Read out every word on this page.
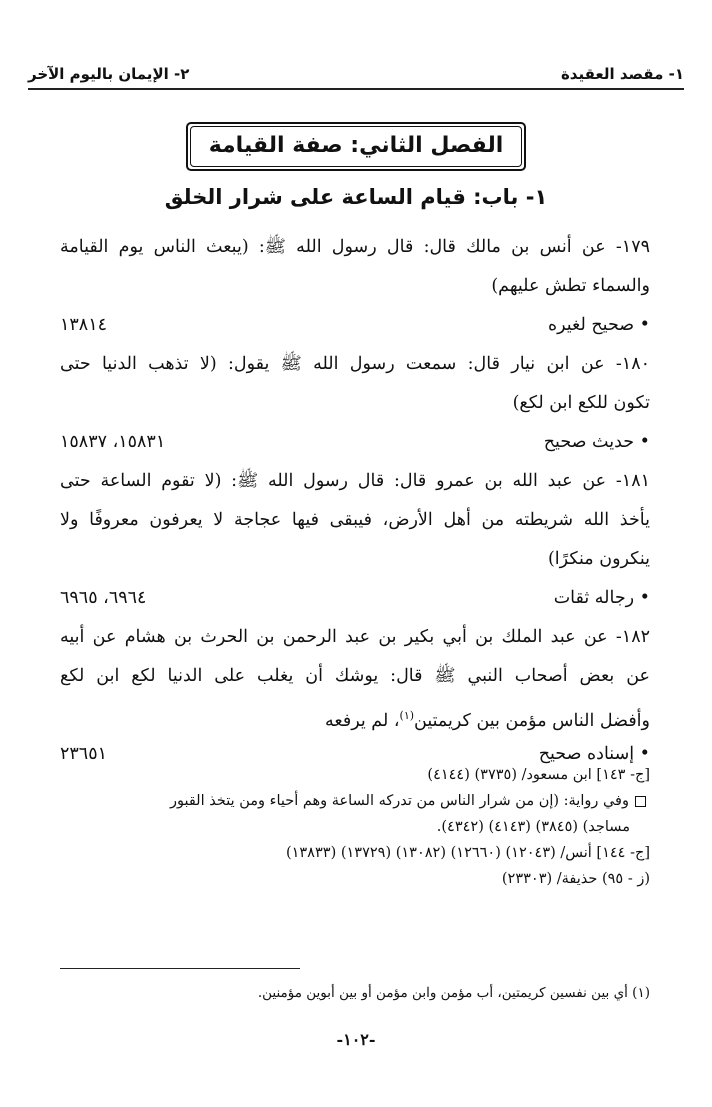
١- مقصد العقيدة
٢- الإيمان باليوم الآخر
الفصل الثاني: صفة القيامة
١- باب: قيام الساعة على شرار الخلق
١٧٩- عن أنس بن مالك قال: قال رسول الله ﷺ: (يبعث الناس يوم القيامة
والسماء تطش عليهم)
• صحيح لغيره
١٣٨١٤
١٨٠- عن ابن نيار قال: سمعت رسول الله ﷺ يقول: (لا تذهب الدنيا حتى
تكون للكع ابن لكع)
• حديث صحيح
١٥٨٣١، ١٥٨٣٧
١٨١- عن عبد الله بن عمرو قال: قال رسول الله ﷺ: (لا تقوم الساعة حتى
يأخذ الله شريطته من أهل الأرض، فيبقى فيها عجاجة لا يعرفون معروفًا ولا
ينكرون منكرًا)
• رجاله ثقات
٦٩٦٤، ٦٩٦٥
١٨٢- عن عبد الملك بن أبي بكير بن عبد الرحمن بن الحرث بن هشام عن أبيه
عن بعض أصحاب النبي ﷺ قال: يوشك أن يغلب على الدنيا لكع ابن لكع
وأفضل الناس مؤمن بين كريمتين$^{(١)}$، لم يرفعه
• إسناده صحيح
٢٣٦٥١
[ج- ١٤٣] ابن مسعود/ (٣٧٣٥) (٤١٤٤)
وفي رواية: (إن من شرار الناس من تدركه الساعة وهم أحياء ومن يتخذ القبور
مساجد) (٣٨٤٥) (٤١٤٣) (٤٣٤٢).
[ج- ١٤٤] أنس/ (١٢٠٤٣) (١٢٦٦٠) (١٣٠٨٢) (١٣٧٢٩) (١٣٨٣٣)
(ز - ٩٥) حذيفة/ (٢٣٣٠٣)
(١) أي بين نفسين كريمتين، أب مؤمن وابن مؤمن أو بين أبوين مؤمنين.
-١٠٢-
